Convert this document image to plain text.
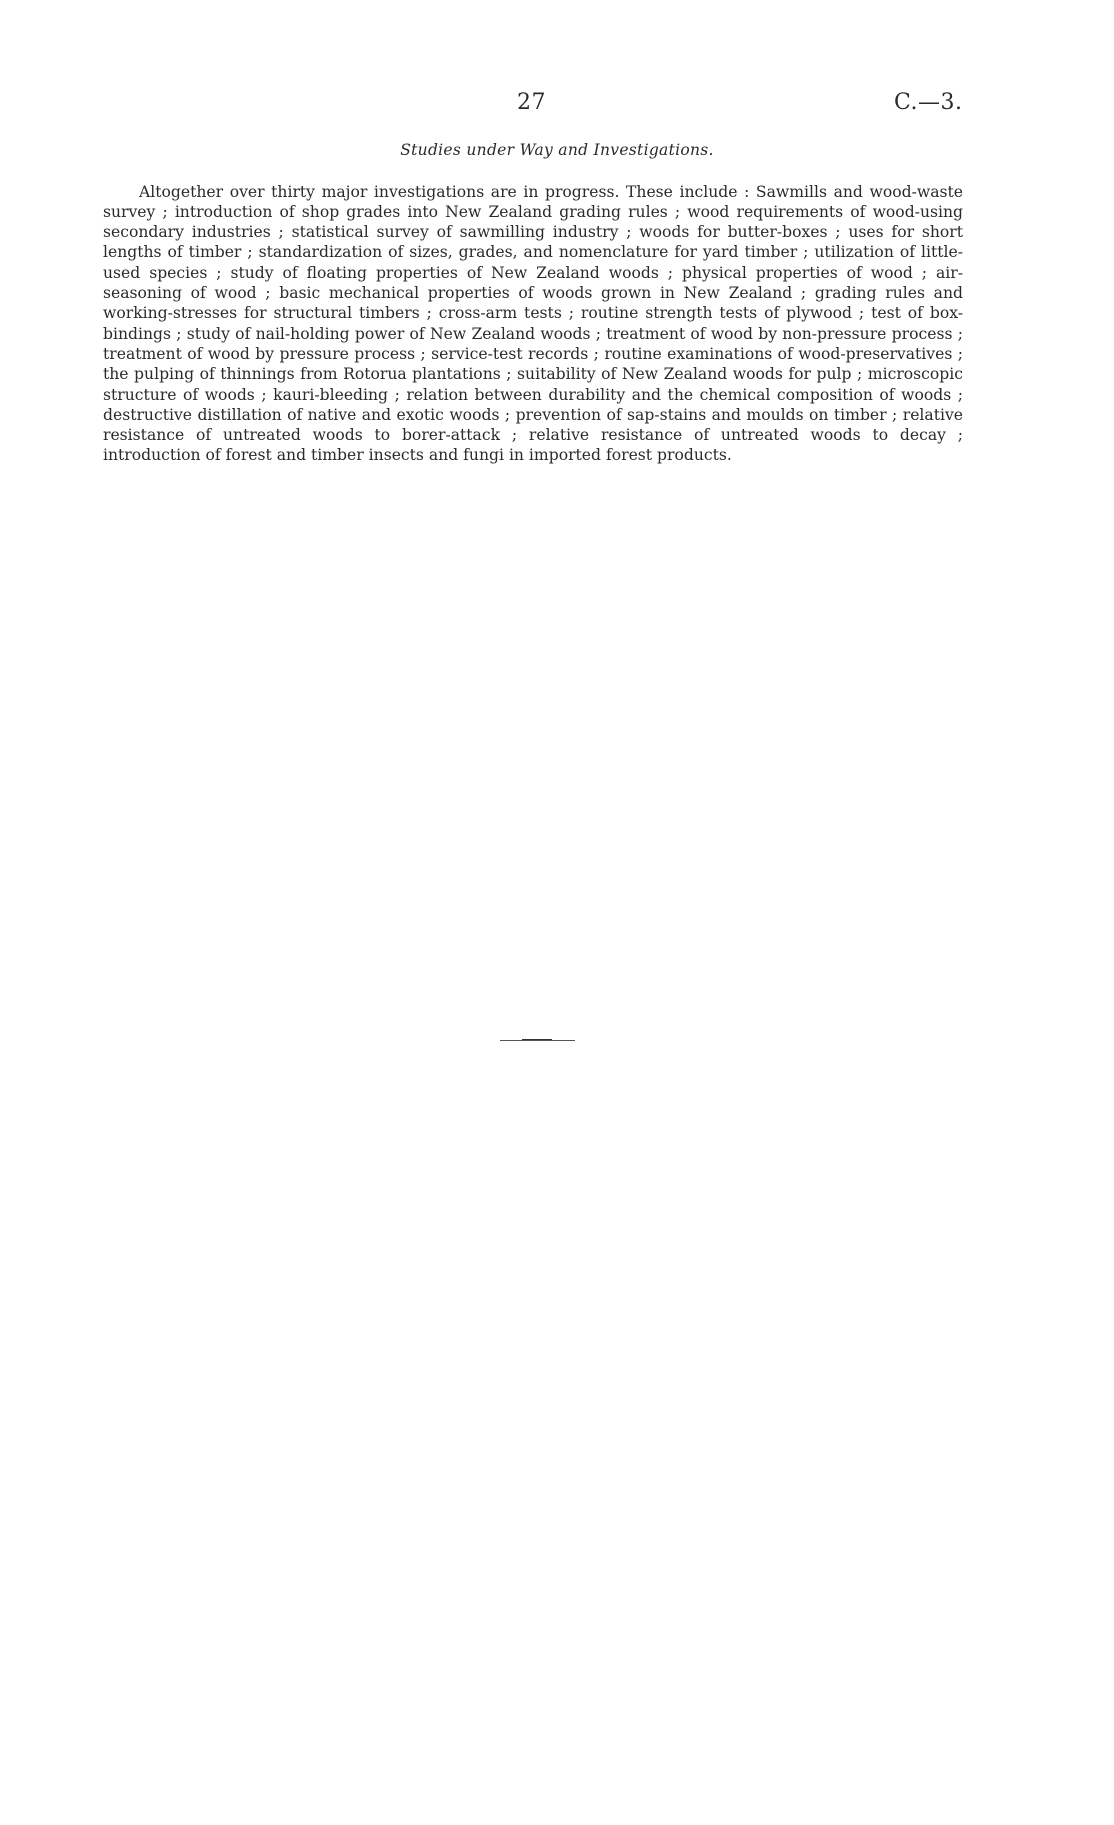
27	C.—3.
Studies under Way and Investigations.

Altogether over thirty major investigations are in progress. These include : Sawmills and wood-waste survey ; introduction of shop grades into New Zealand grading rules ; wood requirements of wood-using secondary industries ; statistical survey of sawmilling industry ; woods for butter-boxes ; uses for short lengths of timber ; standardization of sizes, grades, and nomenclature for yard timber ; utilization of little-used species ; study of floating properties of New Zealand woods ; physical properties of wood ; air-seasoning of wood ; basic mechanical properties of woods grown in New Zealand ; grading rules and working-stresses for structural timbers ; cross-arm tests ; routine strength tests of plywood ; test of box-bindings ; study of nail-holding power of New Zealand woods ; treatment of wood by non-pressure process ; treatment of wood by pressure process ; service-test records ; routine examinations of wood-preservatives ; the pulping of thinnings from Rotorua plantations ; suitability of New Zealand woods for pulp ; microscopic structure of woods ; kauri-bleeding ; relation between durability and the chemical composition of woods ; destructive distillation of native and exotic woods ; prevention of sap-stains and moulds on timber ; relative resistance of untreated woods to borer-attack ; relative resistance of untreated woods to decay ; introduction of forest and timber insects and fungi in imported forest products.
